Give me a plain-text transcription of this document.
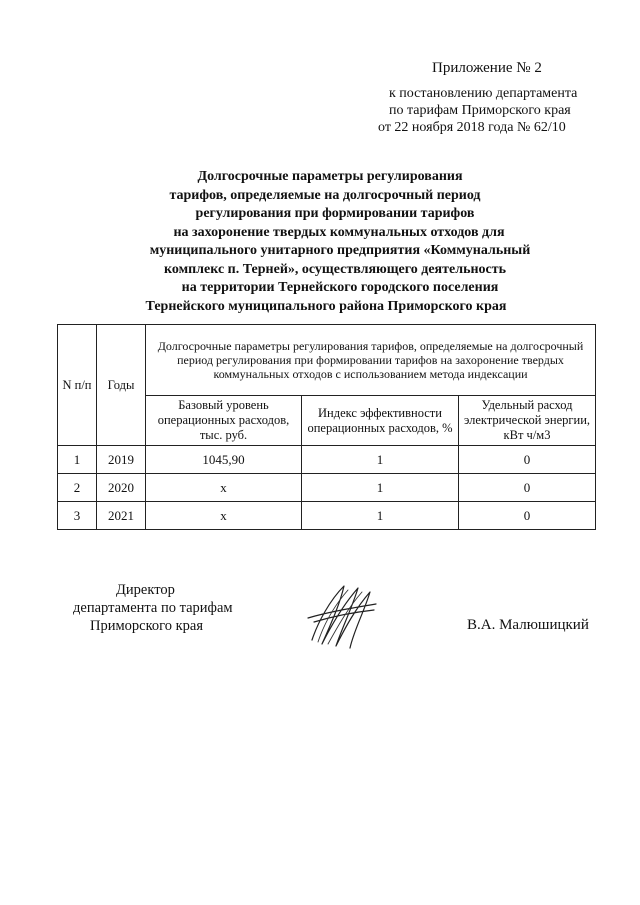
Приложение № 2
к постановлению департамента
по тарифам Приморского края
от 22 ноября 2018 года № 62/10
Долгосрочные параметры регулирования
тарифов, определяемые на долгосрочный период
регулирования при формировании тарифов
на захоронение твердых коммунальных отходов для
муниципального унитарного предприятия «Коммунальный
комплекс п. Терней», осуществляющего деятельность
на территории Тернейского городского поселения
Тернейского муниципального района Приморского края
N п/п	Годы	Долгосрочные параметры регулирования тарифов, определяемые на долгосрочный период регулирования при формировании тарифов на захоронение твердых коммунальных отходов с использованием метода индексации		
		Базовый уровень операционных расходов, тыс. руб.	Индекс эффективности операционных расходов, %	Удельный расход электрической энергии, кВт ч/м3
1	2019	1045,90	1	0
2	2020	х	1	0
3	2021	х	1	0
Директор
департамента по тарифам
Приморского края	В.А. Малюшицкий
